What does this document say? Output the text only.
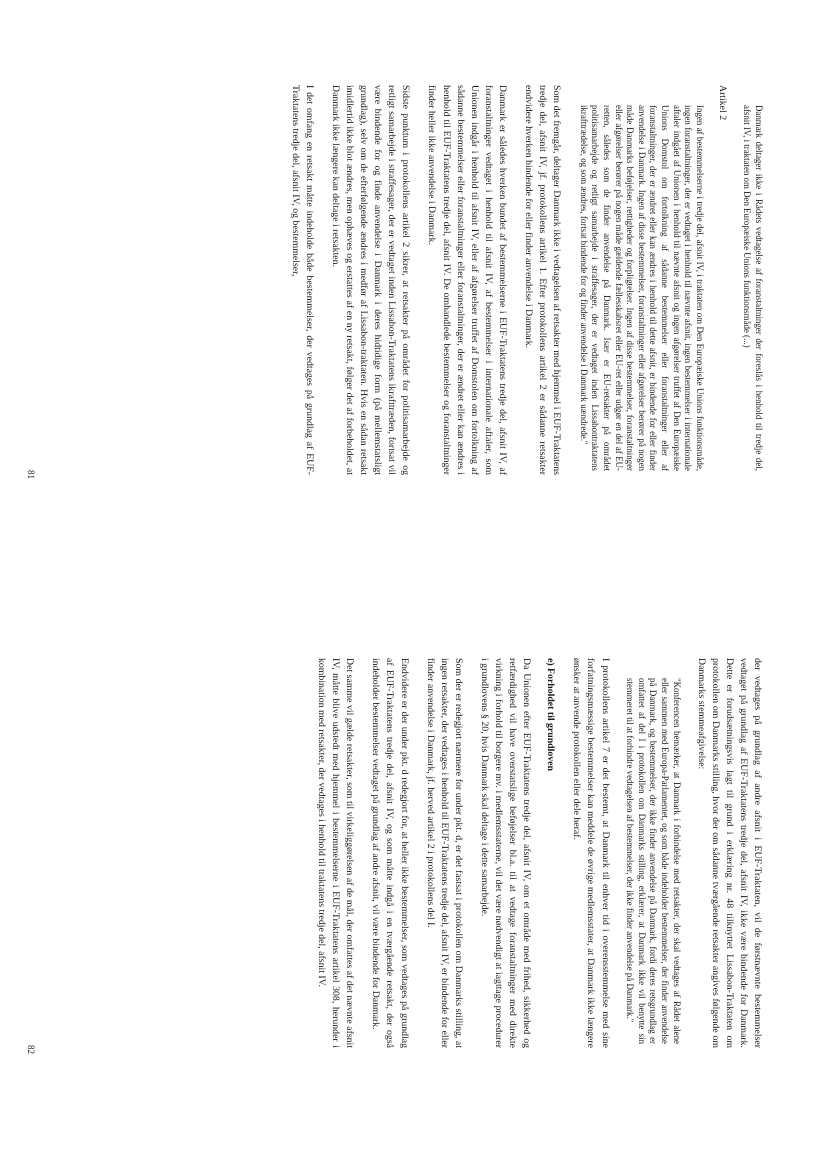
Danmark deltager ikke i Rådets vedtagelse af foranstaltninger der foreslås i henhold til tredje del, afsnit IV, i traktaten om Den Europæiske Unions funktionsmåde (...)

Artikel 2

Ingen af bestemmelserne i tredje del, afsnit IV, i traktaten om Den Europæiske Unions funktionsmåde, ingen foranstaltninger, der er vedtaget i henhold til nævnte afsnit, ingen bestemmelser i internationale aftaler indgået af Unionen i henhold til nævnte afsnit og ingen afgørelser truffet af Den Europæiske Unions Domstol om fortolkning af sådanne bestemmelser eller foranstaltninger eller af foranstaltninger, der er ændret eller kan ændres i henhold til dette afsnit, er bindende for eller finder anvendelse i Danmark. Ingen af disse bestemmelser, foranstaltninger eller afgørelser berører på nogen måde Danmarks beføjelser, rettigheder og forpligtelser. Ingen af disse bestemmelser, foranstaltninger eller afgørelser berører på nogen måde gældende fællesskabsret eller EU-ret eller udgør en del af EU-retten, således som de finder anvendelse på Danmark. Især er EU-retsakter på området politisamarbejde og retligt samarbejde i straffesager, der er vedtaget inden Lissabontraktatens ikrafttrædelse, og som ændres, fortsat bindende for og finder anvendelse i Danmark uændrede."

Som det fremgår, deltager Danmark ikke i vedtagelsen af retsakter med hjemmel i EUF-Traktatens tredje del, afsnit IV, jf. protokollens artikel 1. Efter protokollens artikel 2 er sådanne retsakter endvidere hverken bindende for eller finder anvendelse i Danmark.

Danmark er således hverken bundet af bestemmelserne i EUF-Traktatens tredje del, afsnit IV, af foranstaltninger vedtaget i henhold til afsnit IV, af bestemmelser i internationale aftaler, som Unionen indgår i henhold til afsnit IV, eller af afgørelser truffet af Domstolen om fortolkning af sådanne bestemmelser eller foranstaltninger eller foranstaltninger, der er ændret eller kan ændres i henhold til EUF-Traktatens tredje del, afsnit IV. De omhandlede bestemmelser og foranstaltninger finder heller ikke anvendelse i Danmark.

Sidste punktum i protokollens artikel 2 sikrer, at retsakter på området for politisamarbejde og retligt samarbejde i straffesager, der er vedtaget inden Lissabon-Traktatens ikrafttræden, fortsat vil være bindende for og finde anvendelse i Danmark i deres hidtidige form (på mellemstatsligt grundlag), selv om de efterfølgende ændres i medfør af Lissabon-traktaten. Hvis en sådan retsakt imidlertid ikke blot ændres, men ophæves og erstattes af en ny retsakt, følger det af forbeholdet, at Danmark ikke længere kan deltage i retsakten.

I det omfang en retsakt måtte indeholde både bestemmelser, der vedtages på grundlag af EUF-Traktatens tredje del, afsnit IV, og bestemmelser,

81

der vedtages på grundlag af andre afsnit i EUF-Traktaten, vil de førstnævnte bestemmelser vedtaget på grundlag af EUF-Traktatens tredje del, afsnit IV, ikke være bindende for Danmark. Dette er forudsætningsvis lagt til grund i erklæring nr. 48 tilknyttet Lissabon-Traktaten om protokollen om Danmarks stilling, hvor der om sådanne tværgående retsakter angives følgende om Danmarks stemmeafgivelse:

"Konferencen bemærker, at Danmark i forbindelse med retsakter, der skal vedtages af Rådet alene eller sammen med Europa-Parlamentet, og som både indeholder bestemmelser, der finder anvendelse på Danmark, og bestemmelser, der ikke finder anvendelse på Danmark, fordi deres retsgrundlag er omfattet af del I i protokollen om Danmarks stilling, erklærer, at Danmark ikke vil benytte sin stemmeret til at forhindre vedtagelsen af bestemmelser, der ikke finder anvendelse på Danmark."

I protokollens artikel 7 er det bestemt, at Danmark til enhver tid i overensstemmelse med sine forfatningsmæssige bestemmelser kan meddele de øvrige medlemsstater, at Danmark ikke længere ønsker at anvende protokollen eller dele heraf.

e) Forholdet til grundloven

Da Unionen efter EUF-Traktatens tredje del, afsnit IV, om et område med frihed, sikkerhed og retfærdighed vil have overstatslige beføjelser bl.a. til at vedtage foranstaltninger med direkte virkning i forhold til borgere mv. i medlemsstaterne, vil det være nødvendigt at iagttage procedurer i grundlovens § 20, hvis Danmark skal deltage i dette samarbejde.

Som der er redegjort nærmere for under pkt. d, er det fastsat i protokollen om Danmarks stilling, at ingen retsakter, der vedtages i henhold til EUF-Traktatens tredje del, afsnit IV, er bindende for eller finder anvendelse i Danmark, jf. herved artikel 2 i protokollens del I.

Endvidere er der under pkt. d redegjort for, at heller ikke bestemmelser, som vedtages på grundlag af EUF-Traktatens tredje del, afsnit IV, og som måtte indgå i en tværgående retsakt, der også indeholder bestemmelser vedtaget på grundlag af andre afsnit, vil være bindende for Danmark.

Det samme vil gælde retsakter, som til virkeliggørelsen af de mål, der omfattes af det nævnte afsnit IV, måtte blive udstedt med hjemmel i bestemmelserne i EUF-Traktatens artikel 308, herunder i kombination med retsakter, der vedtages i henhold til traktatens tredje del, afsnit IV.

82
